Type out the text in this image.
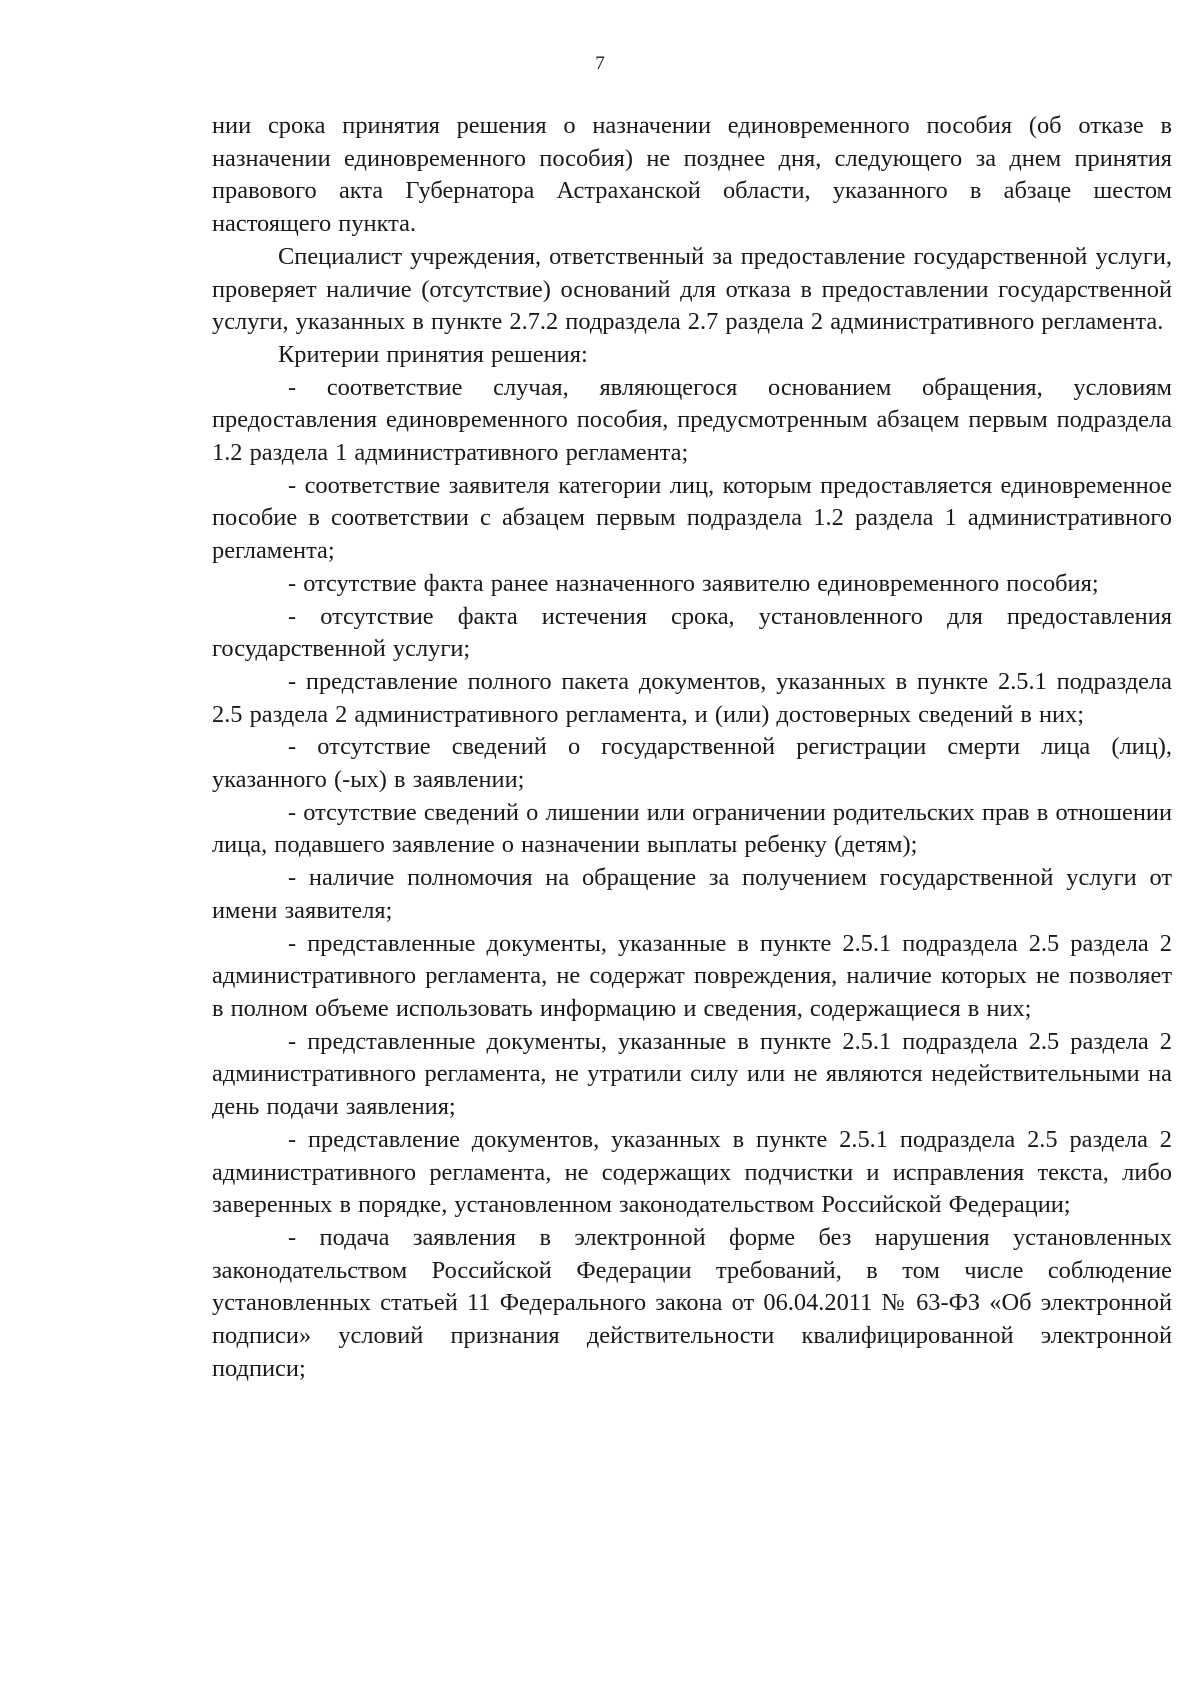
7

нии срока принятия решения о назначении единовременного пособия (об отказе в назначении единовременного пособия) не позднее дня, следующего за днем принятия правового акта Губернатора Астраханской области, указанного в абзаце шестом настоящего пункта.

Специалист учреждения, ответственный за предоставление государственной услуги, проверяет наличие (отсутствие) оснований для отказа в предоставлении государственной услуги, указанных в пункте 2.7.2 подраздела 2.7 раздела 2 административного регламента.

Критерии принятия решения:

- соответствие случая, являющегося основанием обращения, условиям предоставления единовременного пособия, предусмотренным абзацем первым подраздела 1.2 раздела 1 административного регламента;

- соответствие заявителя категории лиц, которым предоставляется единовременное пособие в соответствии с абзацем первым подраздела 1.2 раздела 1 административного регламента;

- отсутствие факта ранее назначенного заявителю единовременного пособия;

- отсутствие факта истечения срока, установленного для предоставления государственной услуги;

- представление полного пакета документов, указанных в пункте 2.5.1 подраздела 2.5 раздела 2 административного регламента, и (или) достоверных сведений в них;

- отсутствие сведений о государственной регистрации смерти лица (лиц), указанного (-ых) в заявлении;

- отсутствие сведений о лишении или ограничении родительских прав в отношении лица, подавшего заявление о назначении выплаты ребенку (детям);

- наличие полномочия на обращение за получением государственной услуги от имени заявителя;

- представленные документы, указанные в пункте 2.5.1 подраздела 2.5 раздела 2 административного регламента, не содержат повреждения, наличие которых не позволяет в полном объеме использовать информацию и сведения, содержащиеся в них;

- представленные документы, указанные в пункте 2.5.1 подраздела 2.5 раздела 2 административного регламента, не утратили силу или не являются недействительными на день подачи заявления;

- представление документов, указанных в пункте 2.5.1 подраздела 2.5 раздела 2 административного регламента, не содержащих подчистки и исправления текста, либо заверенных в порядке, установленном законодательством Российской Федерации;

- подача заявления в электронной форме без нарушения установленных законодательством Российской Федерации требований, в том числе соблюдение установленных статьей 11 Федерального закона от 06.04.2011 № 63-ФЗ «Об электронной подписи» условий признания действительности квалифицированной электронной подписи;
